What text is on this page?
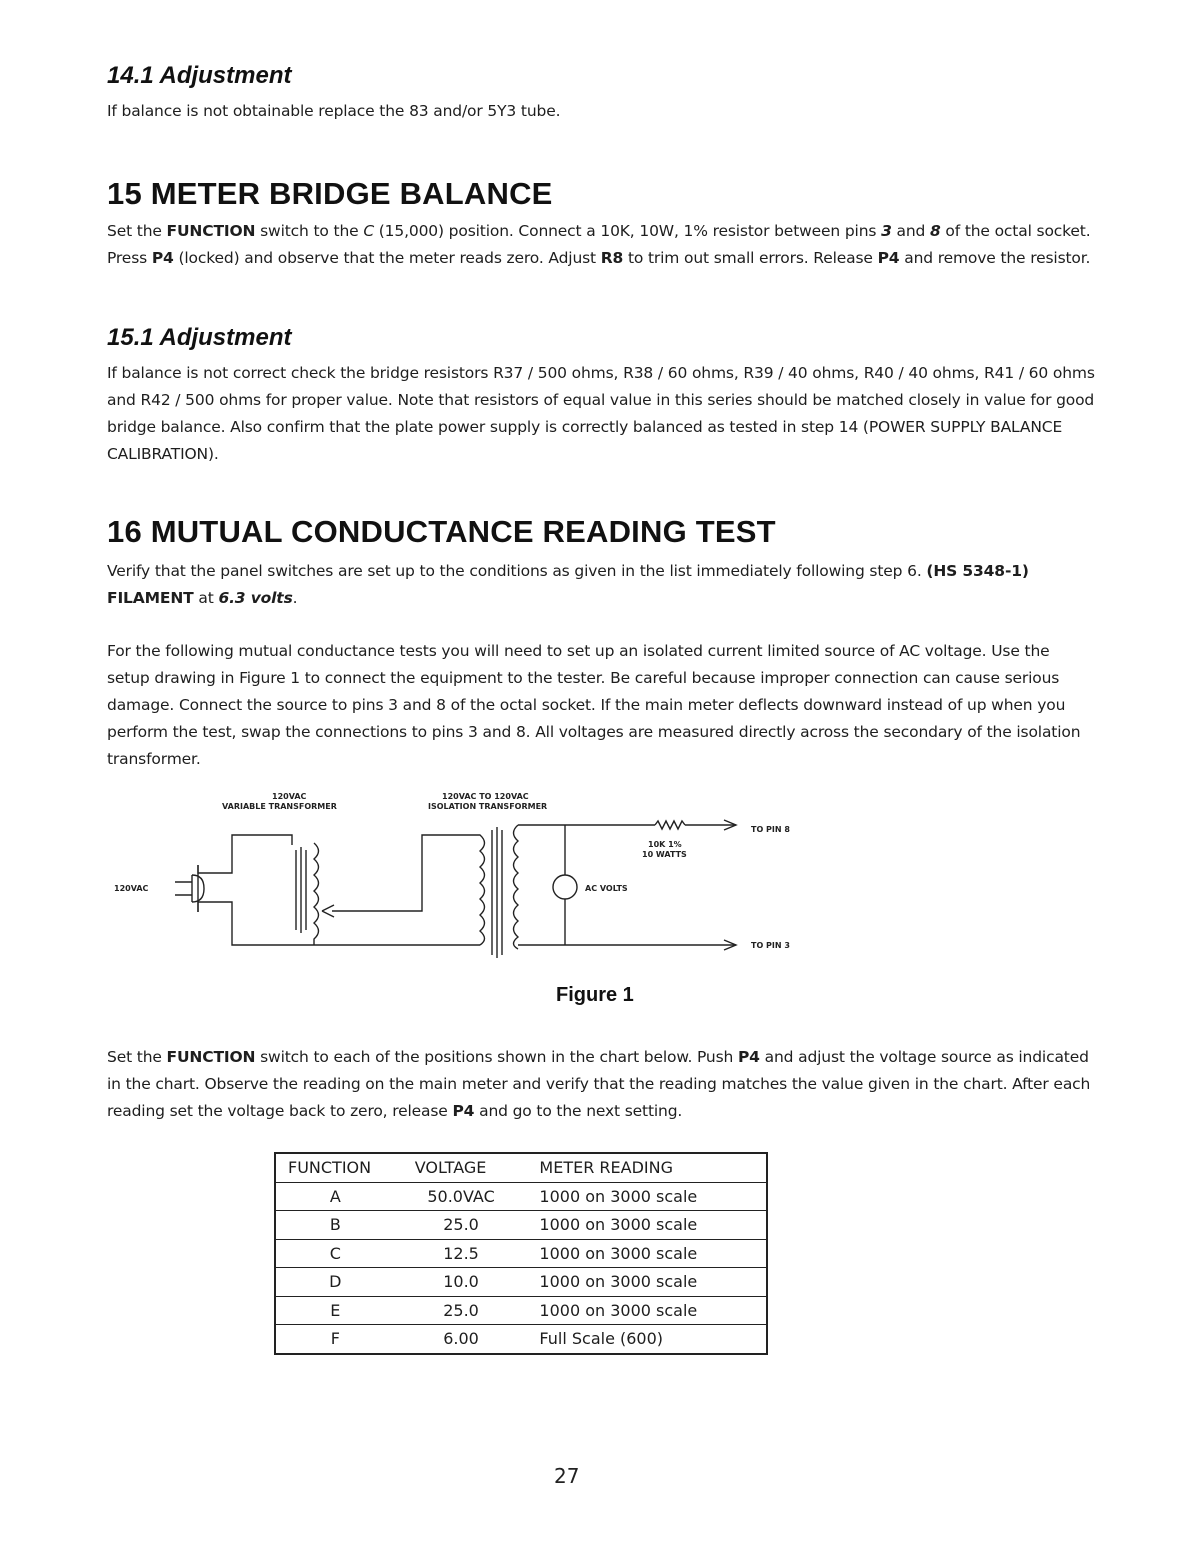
14.1 Adjustment

If balance is not obtainable replace the 83 and/or 5Y3 tube.

15 METER BRIDGE BALANCE

Set the FUNCTION switch to the C (15,000) position. Connect a 10K, 10W, 1% resistor between pins 3 and 8 of the octal socket. Press P4 (locked) and observe that the meter reads zero. Adjust R8 to trim out small errors. Release P4 and remove the resistor.

15.1 Adjustment

If balance is not correct check the bridge resistors R37 / 500 ohms, R38 / 60 ohms, R39 / 40 ohms, R40 / 40 ohms, R41 / 60 ohms and R42 / 500 ohms for proper value. Note that resistors of equal value in this series should be matched closely in value for good bridge balance. Also confirm that the plate power supply is correctly balanced as tested in step 14 (POWER SUPPLY BALANCE CALIBRATION).

16 MUTUAL CONDUCTANCE READING TEST

Verify that the panel switches are set up to the conditions as given in the list immediately following step 6. (HS 5348-1) FILAMENT at 6.3 volts.

For the following mutual conductance tests you will need to set up an isolated current limited source of AC voltage. Use the setup drawing in Figure 1 to connect the equipment to the tester. Be careful because improper connection can cause serious damage. Connect the source to pins 3 and 8 of the octal socket. If the main meter deflects downward instead of up when you perform the test, swap the connections to pins 3 and 8. All voltages are measured directly across the secondary of the isolation transformer.

120VAC
VARIABLE TRANSFORMER
120VAC TO 120VAC
ISOLATION TRANSFORMER
120VAC
10K 1%
10 WATTS
AC VOLTS
TO PIN 8
TO PIN 3
Figure 1

Set the FUNCTION switch to each of the positions shown in the chart below. Push P4 and adjust the voltage source as indicated in the chart. Observe the reading on the main meter and verify that the reading matches the value given in the chart. After each reading set the voltage back to zero, release P4 and go to the next setting.

FUNCTION	VOLTAGE	METER READING
A	50.0VAC	1000 on 3000 scale
B	25.0	1000 on 3000 scale
C	12.5	1000 on 3000 scale
D	10.0	1000 on 3000 scale
E	25.0	1000 on 3000 scale
F	6.00	Full Scale (600)
27
